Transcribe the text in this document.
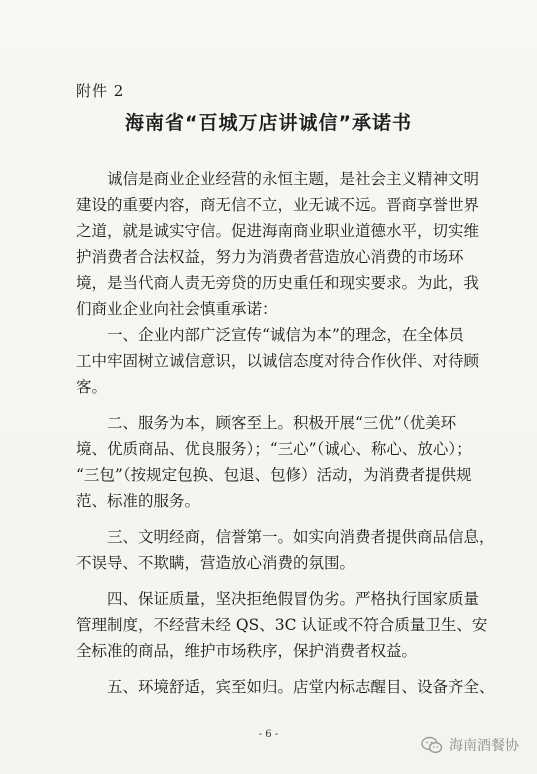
附件 2
海南省“百城万店讲诚信”承诺书
诚信是商业企业经营的永恒主题，是社会主义精神文明
建设的重要内容，商无信不立，业无诚不远。晋商享誉世界
之道，就是诚实守信。促进海南商业职业道德水平，切实维
护消费者合法权益，努力为消费者营造放心消费的市场环
境，是当代商人责无旁贷的历史重任和现实要求。为此，我
们商业企业向社会慎重承诺：
一、企业内部广泛宣传“诚信为本”的理念，在全体员
工中牢固树立诚信意识，以诚信态度对待合作伙伴、对待顾
客。
二、服务为本，顾客至上。积极开展“三优”（优美环
境、优质商品、优良服务）；“三心”（诚心、称心、放心）；
“三包”（按规定包换、包退、包修）活动，为消费者提供规
范、标准的服务。
三、文明经商，信誉第一。如实向消费者提供商品信息，
不误导、不欺瞒，营造放心消费的氛围。
四、保证质量，坚决拒绝假冒伪劣。严格执行国家质量
管理制度，不经营未经 QS、3C 认证或不符合质量卫生、安
全标准的商品，维护市场秩序，保护消费者权益。
五、环境舒适，宾至如归。店堂内标志醒目、设备齐全、
- 6 -
海南酒餐协
